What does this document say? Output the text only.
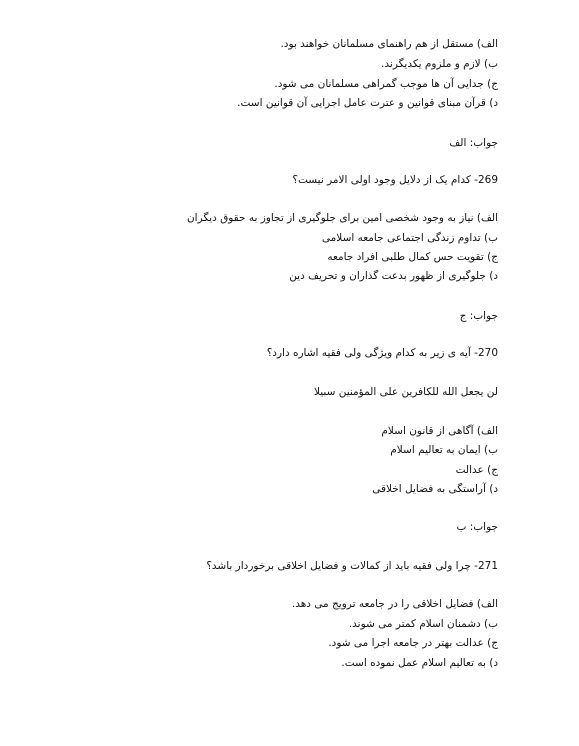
الف) مستقل از هم راهنمای مسلمانان خواهند بود.
ب) لازم و ملزوم یکدیگرند.
ج) جدایی آن ها موجب گمراهی مسلمانان می شود.
د) قرآن مبنای قوانین و عترت عامل اجرایی آن قوانین است.
جواب: الف
269- کدام یک از دلایل وجود اولی الامر نیست؟
الف) نیاز به وجود شخصی امین برای جلوگیری از تجاوز به حقوق دیگران
ب) تداوم زندگی اجتماعی جامعه اسلامی
ج) تقویت حس کمال طلبی افراد جامعه
د) جلوگیری از ظهور بدعت گذاران و تحریف دین
جواب: ج
270- آیه ی زیر به کدام ویژگی ولی فقیه اشاره دارد؟
لن یجعل الله للکافرین علی المؤمنین سبیلا
الف) آگاهی از قانون اسلام
ب) ایمان به تعالیم اسلام
ج) عدالت
د) آراستگی به فضایل اخلاقی
جواب: ب
271- چرا ولی فقیه باید از کمالات و فضایل اخلاقی برخوردار باشد؟
الف) فضایل اخلاقی را در جامعه ترویج می دهد.
ب) دشمنان اسلام کمتر می شوند.
ج) عدالت بهتر در جامعه اجرا می شود.
د) به تعالیم اسلام عمل نموده است.
